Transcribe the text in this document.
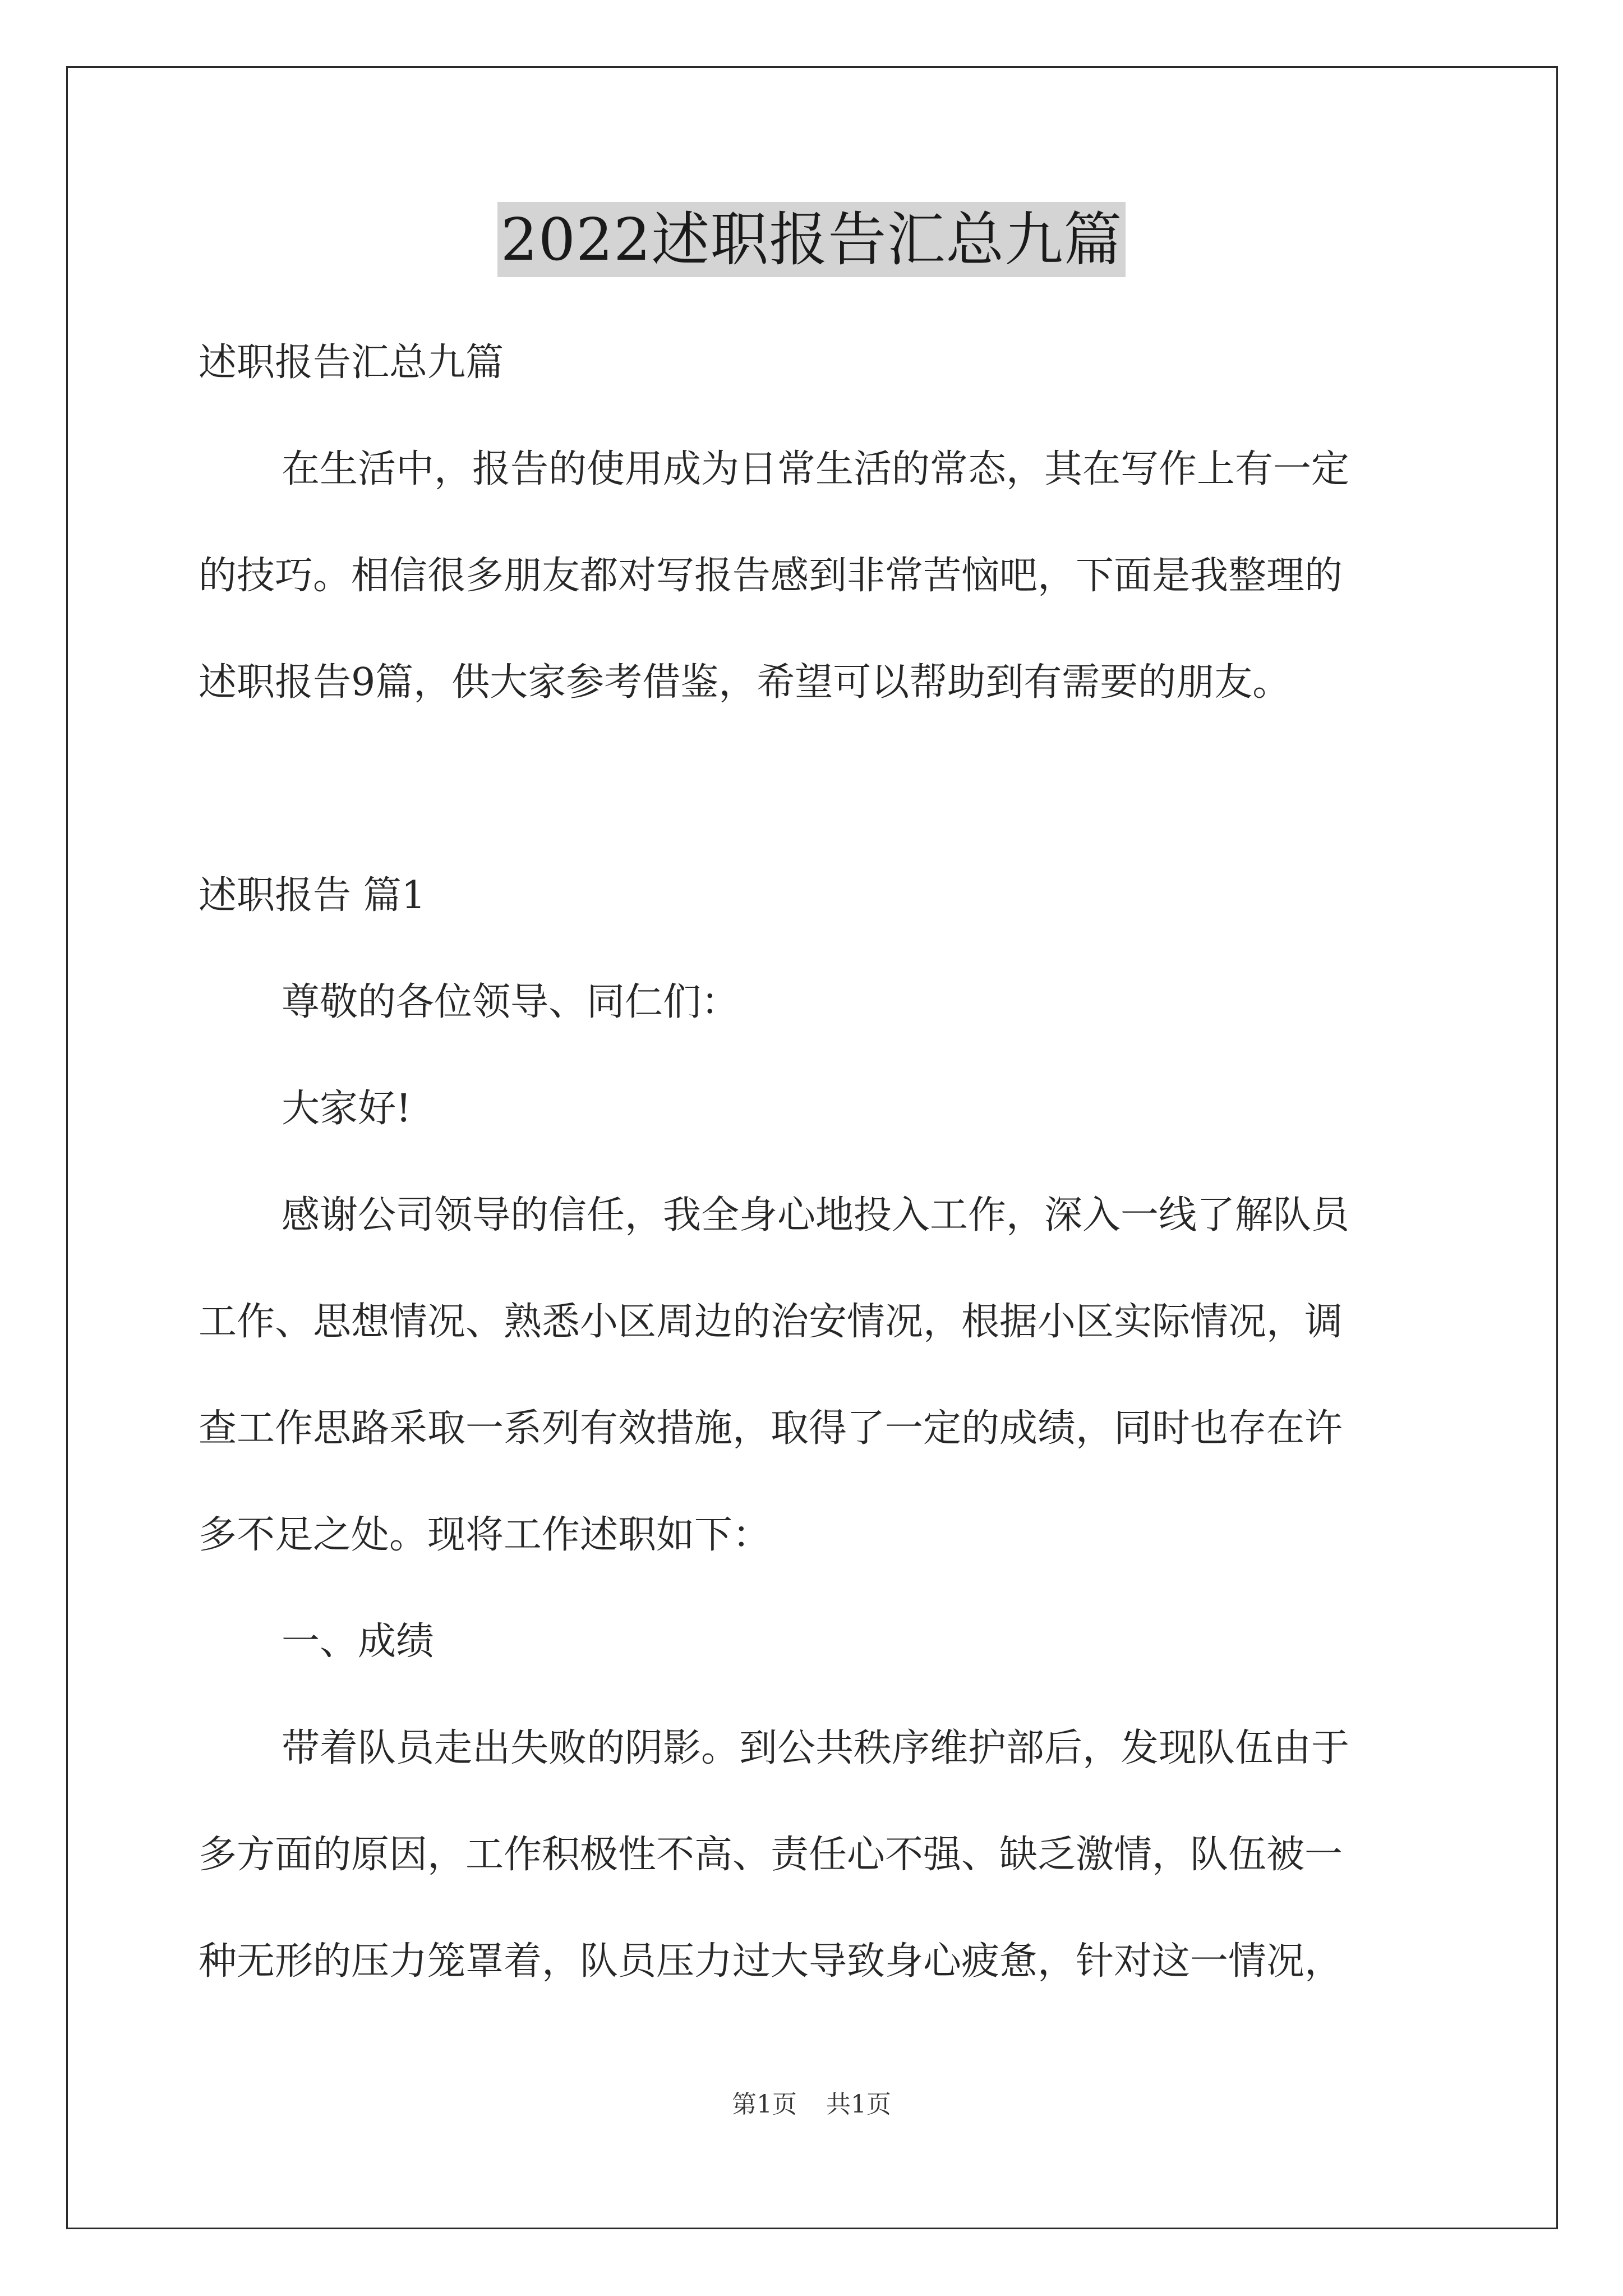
2022述职报告汇总九篇
述职报告汇总九篇
在生活中，报告的使用成为日常生活的常态，其在写作上有一定
的技巧。相信很多朋友都对写报告感到非常苦恼吧，下面是我整理的
述职报告9篇，供大家参考借鉴，希望可以帮助到有需要的朋友。
述职报告 篇1
尊敬的各位领导、同仁们：
大家好!
感谢公司领导的信任，我全身心地投入工作，深入一线了解队员
工作、思想情况、熟悉小区周边的治安情况，根据小区实际情况，调
查工作思路采取一系列有效措施，取得了一定的成绩，同时也存在许
多不足之处。现将工作述职如下：
一、成绩
带着队员走出失败的阴影。到公共秩序维护部后，发现队伍由于
多方面的原因，工作积极性不高、责任心不强、缺乏激情，队伍被一
种无形的压力笼罩着，队员压力过大导致身心疲惫，针对这一情况，
第1页 共1页
